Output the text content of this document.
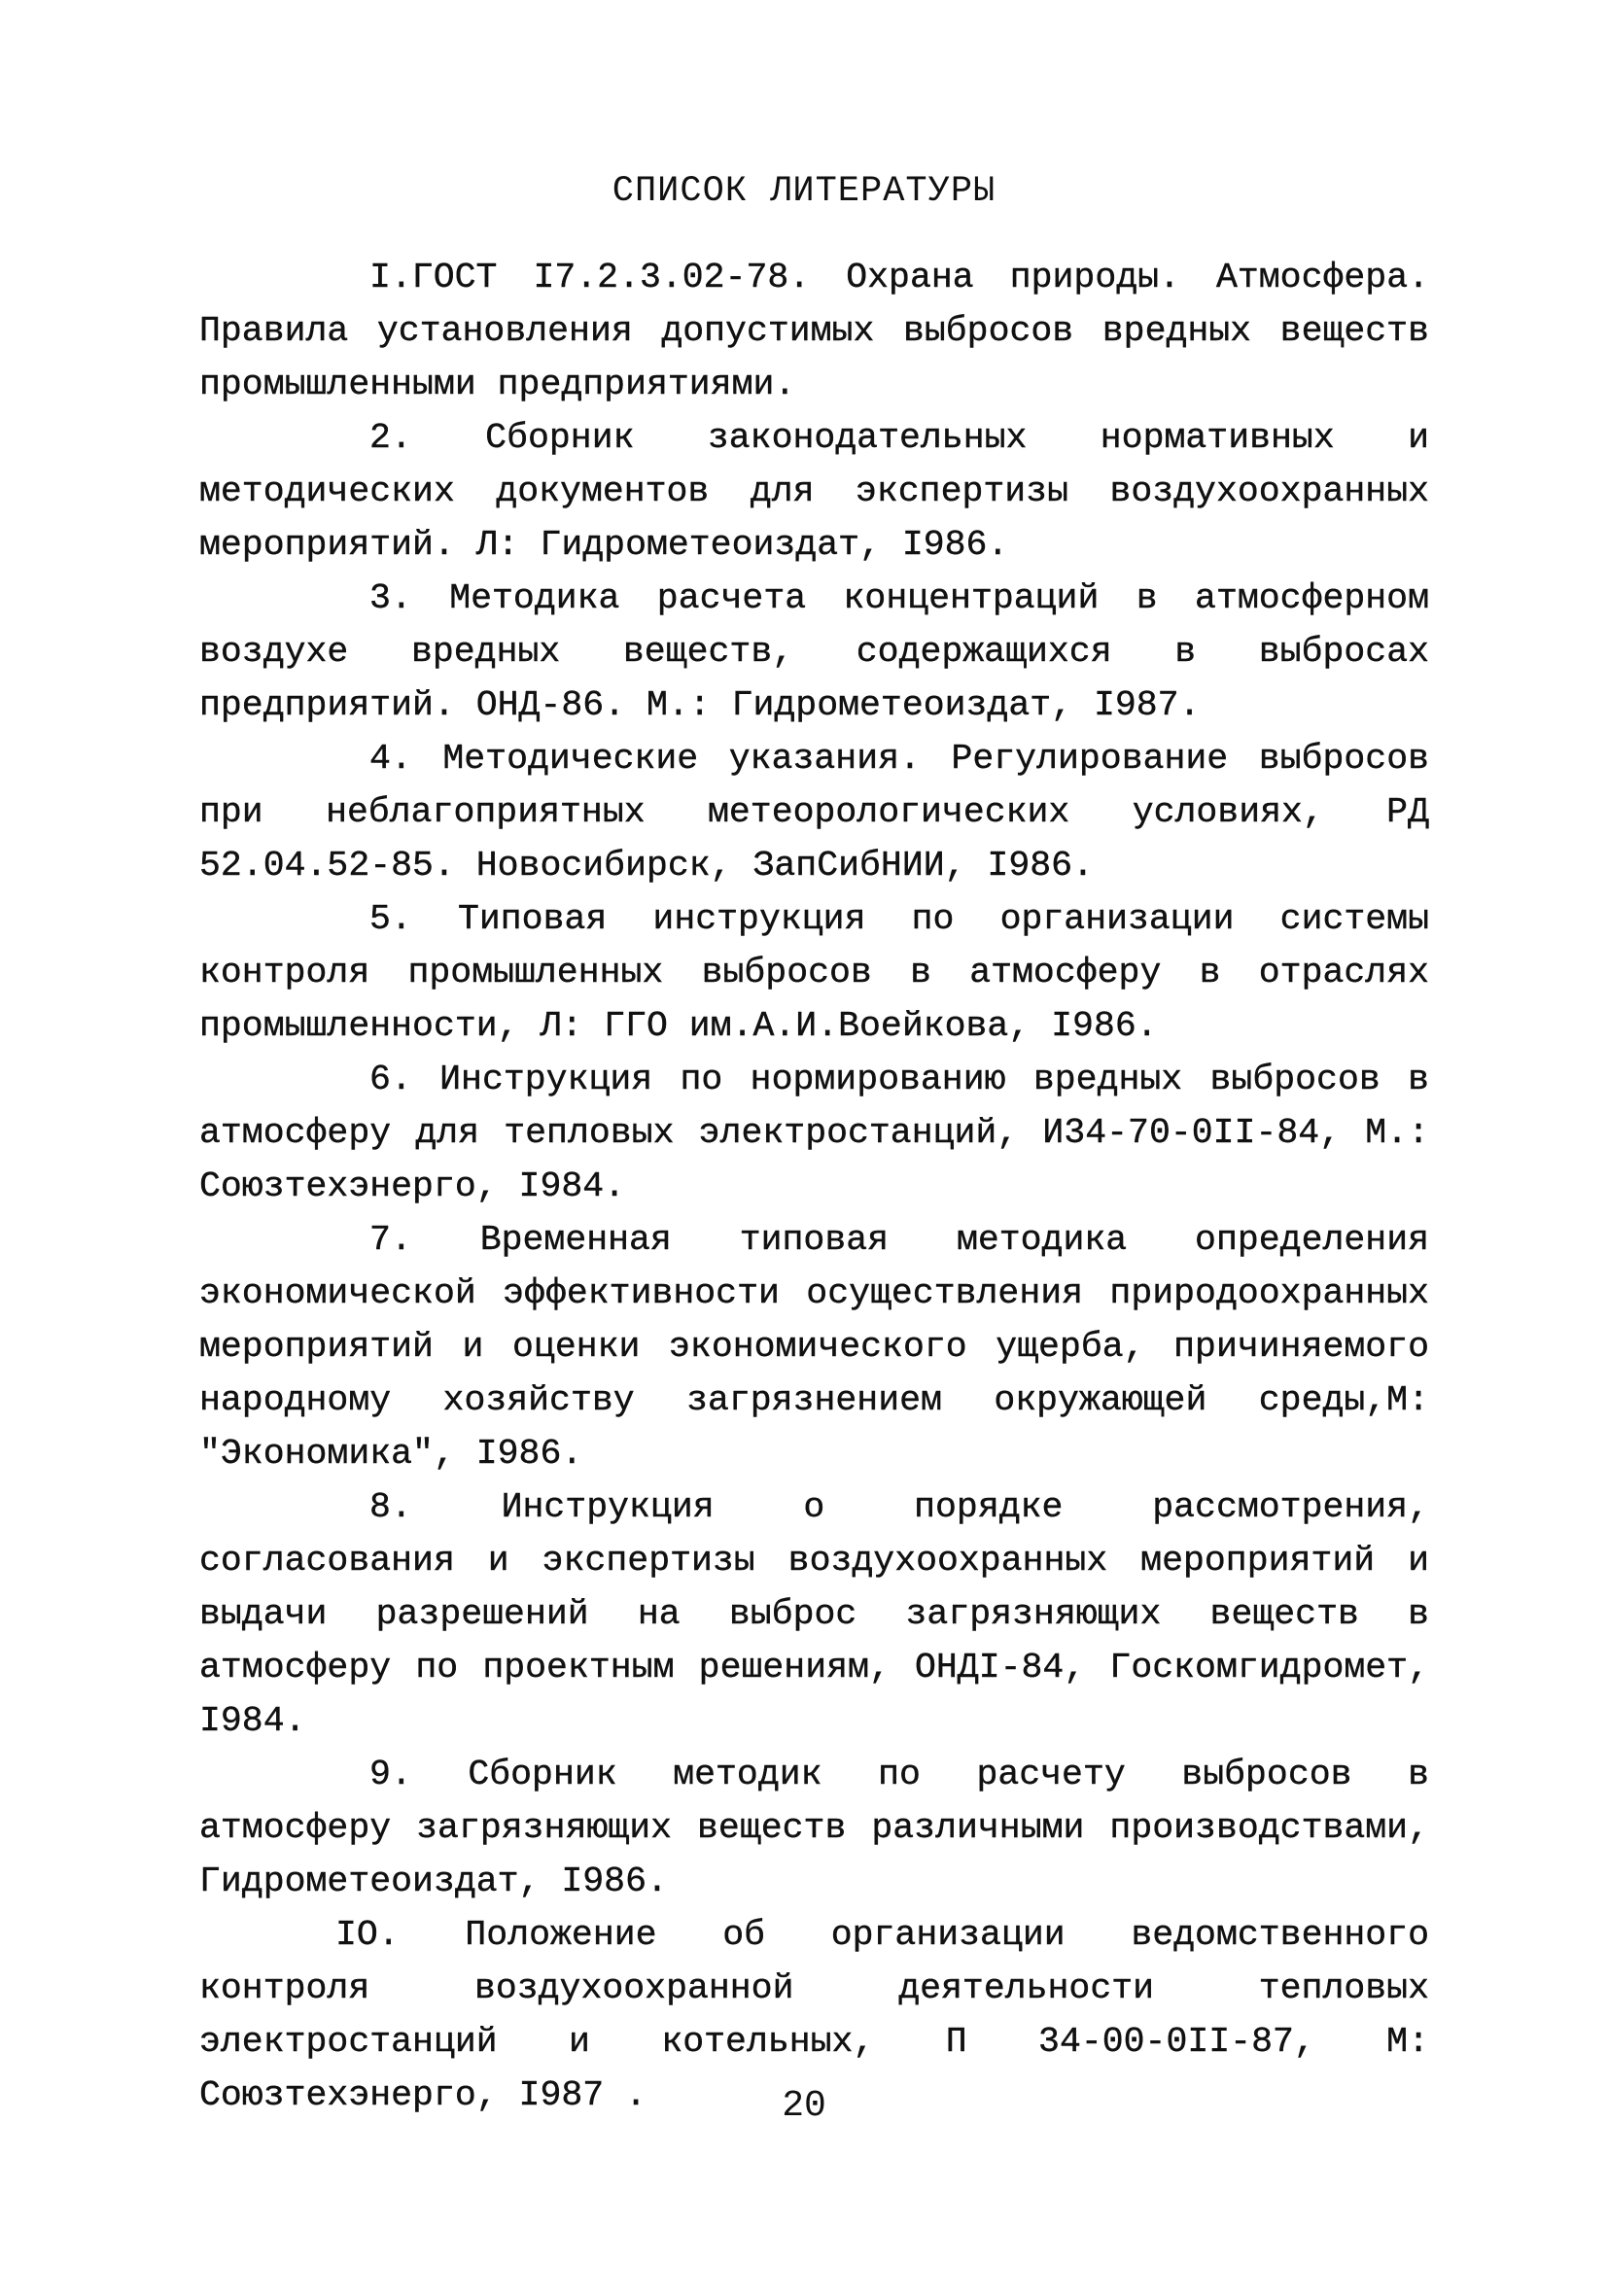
СПИСОК ЛИТЕРАТУРЫ

I.ГОСТ I7.2.3.02-78. Охрана природы. Атмосфера. Правила установления допустимых выбросов вредных веществ промышленными предприятиями.

2. Сборник законодательных нормативных и методических документов для экспертизы воздухоохранных мероприятий. Л: Гидрометеоиздат, I986.

3. Методика расчета концентраций в атмосферном воздухе вредных веществ, содержащихся в выбросах предприятий. ОНД-86. М.: Гидрометеоиздат, I987.

4. Методические указания. Регулирование выбросов при неблагоприятных метеорологических условиях, РД 52.04.52-85. Новосибирск, ЗапСибНИИ, I986.

5. Типовая инструкция по организации системы контроля промышленных выбросов в атмосферу в отраслях промышленности, Л: ГГО им.А.И.Воейкова, I986.

6. Инструкция по нормированию вредных выбросов в атмосферу для тепловых электростанций, И34-70-0II-84, М.: Союзтехэнерго, I984.

7. Временная типовая методика определения экономической эффективности осуществления природоохранных мероприятий и оценки экономического ущерба, причиняемого народному хозяйству загрязнением окружающей среды,М: "Экономика", I986.

8. Инструкция о порядке рассмотрения, согласования и экспертизы воздухоохранных мероприятий и выдачи разрешений на выброс загрязняющих веществ в атмосферу по проектным решениям, ОНДI-84, Госкомгидромет, I984.

9. Сборник методик по расчету выбросов в атмосферу загрязняющих веществ различными производствами, Гидрометеоиздат, I986.

IO. Положение об организации ведомственного контроля воздухоохранной деятельности тепловых электростанций и котельных, П 34-00-0II-87, М: Союзтехэнерго, I987 .	20
